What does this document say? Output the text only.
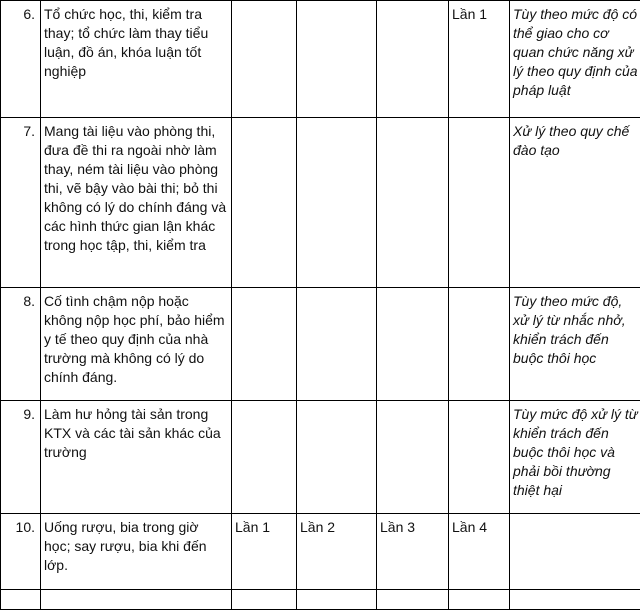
6.	Tổ chức học, thi, kiểm tra thay; tổ chức làm thay tiểu luận, đồ án, khóa luận tốt nghiệp				Lần 1	Tùy theo mức độ có thể giao cho cơ quan chức năng xử lý theo quy định của pháp luật
7.	Mang tài liệu vào phòng thi, đưa đề thi ra ngoài nhờ làm thay, ném tài liệu vào phòng thi, vẽ bậy vào bài thi; bỏ thi không có lý do chính đáng và các hình thức gian lận khác trong học tập, thi, kiểm tra					Xử lý theo quy chế đào tạo
8.	Cố tình chậm nộp hoặc không nộp học phí, bảo hiểm y tế theo quy định của nhà trường mà không có lý do chính đáng.					Tùy theo mức độ, xử lý từ nhắc nhở, khiển trách đến buộc thôi học
9.	Làm hư hỏng tài sản trong KTX và các tài sản khác của trường					Tùy mức độ xử lý từ khiển trách đến buộc thôi học và phải bồi thường thiệt hại
10.	Uống rượu, bia trong giờ học; say rượu, bia khi đến lớp.	Lần 1	Lần 2	Lần 3	Lần 4	
